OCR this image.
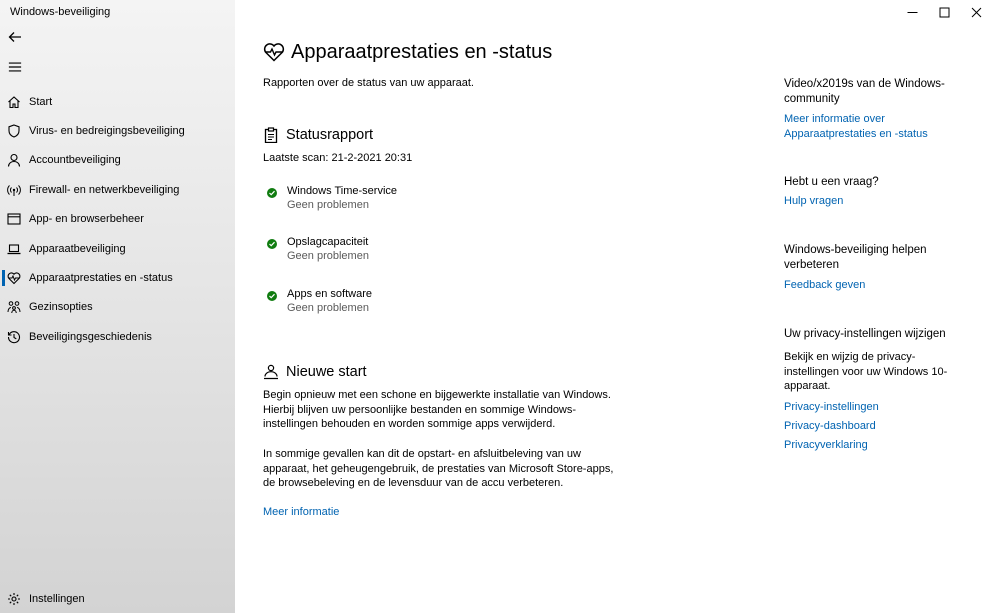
Start
Virus- en bedreigingsbeveiliging
Accountbeveiliging
Firewall- en netwerkbeveiliging
App- en browserbeheer
Apparaatbeveiliging
Apparaatprestaties en -status
Gezinsopties
Beveiligingsgeschiedenis
Instellingen
Windows-beveiliging
Apparaatprestaties en -status
Rapporten over de status van uw apparaat.
Statusrapport
Laatste scan: 21-2-2021 20:31
Windows Time-service
Geen problemen
Opslagcapaciteit
Geen problemen
Apps en software
Geen problemen
Nieuwe start
Begin opnieuw met een schone en bijgewerkte installatie van Windows. Hierbij blijven uw persoonlijke bestanden en sommige Windows-instellingen behouden en worden sommige apps verwijderd.
In sommige gevallen kan dit de opstart- en afsluitbeleving van uw apparaat, het geheugengebruik, de prestaties van Microsoft Store-apps, de browsebeleving en de levensduur van de accu verbeteren.
Meer informatie
Video/x2019s van de Windows-community
Meer informatie over Apparaatprestaties en -status
Hebt u een vraag?
Hulp vragen
Windows-beveiliging helpen verbeteren
Feedback geven
Uw privacy-instellingen wijzigen
Bekijk en wijzig de privacy-instellingen voor uw Windows 10-apparaat.
Privacy-instellingen
Privacy-dashboard
Privacyverklaring
